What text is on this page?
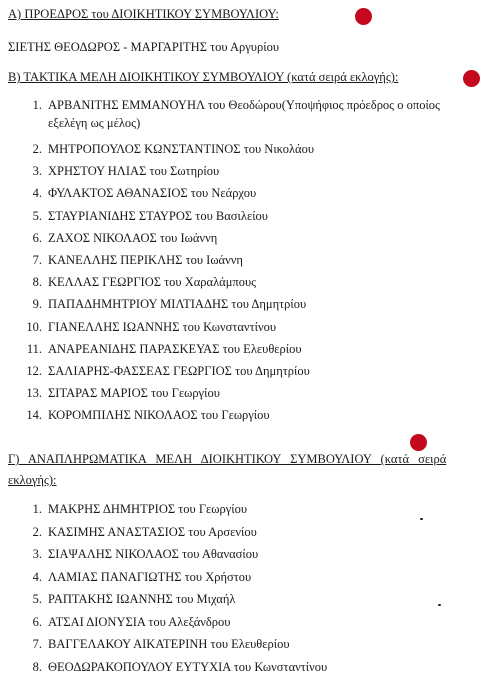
Α) ΠΡΟΕΔΡΟΣ του ΔΙΟΙΚΗΤΙΚΟΥ ΣΥΜΒΟΥΛΙΟΥ:
ΣΙΕΤΗΣ ΘΕΟΔΩΡΟΣ - ΜΑΡΓΑΡΙΤΗΣ του Αργυρίου
Β) ΤΑΚΤΙΚΑ ΜΕΛΗ ΔΙΟΙΚΗΤΙΚΟΥ ΣΥΜΒΟΥΛΙΟΥ (κατά σειρά εκλογής):
1. ΑΡΒΑΝΙΤΗΣ ΕΜΜΑΝΟΥΗΛ του Θεοδώρου(Υποψήφιος πρόεδρος ο οποίος
εξελέγη ως μέλος)
2. ΜΗΤΡΟΠΟΥΛΟΣ ΚΩΝΣΤΑΝΤΙΝΟΣ του Νικολάου
3. ΧΡΗΣΤΟΥ ΗΛΙΑΣ του Σωτηρίου
4. ΦΥΛΑΚΤΟΣ ΑΘΑΝΑΣΙΟΣ του Νεάρχου
5. ΣΤΑΥΡΙΑΝΙΔΗΣ ΣΤΑΥΡΟΣ του Βασιλείου
6. ΖΑΧΟΣ ΝΙΚΟΛΑΟΣ του Ιωάννη
7. ΚΑΝΕΛΛΗΣ ΠΕΡΙΚΛΗΣ του Ιωάννη
8. ΚΕΛΛΑΣ ΓΕΩΡΓΙΟΣ του Χαραλάμπους
9. ΠΑΠΑΔΗΜΗΤΡΙΟΥ ΜΙΛΤΙΑΔΗΣ του Δημητρίου
10. ΓΙΑΝΕΛΛΗΣ ΙΩΑΝΝΗΣ του Κωνσταντίνου
11. ΑΝΑΡΕΑΝΙΔΗΣ ΠΑΡΑΣΚΕΥΑΣ του Ελευθερίου
12. ΣΑΛΙΑΡΗΣ-ΦΑΣΣΕΑΣ ΓΕΩΡΓΙΟΣ του Δημητρίου
13. ΣΙΤΑΡΑΣ ΜΑΡΙΟΣ του Γεωργίου
14. ΚΟΡΟΜΠΙΛΗΣ ΝΙΚΟΛΑΟΣ του Γεωργίου
Γ) ΑΝΑΠΛΗΡΩΜΑΤΙΚΑ ΜΕΛΗ ΔΙΟΙΚΗΤΙΚΟΥ ΣΥΜΒΟΥΛΙΟΥ (κατά σειρά
εκλογής):
1. ΜΑΚΡΗΣ ΔΗΜΗΤΡΙΟΣ του Γεωργίου
2. ΚΑΣΙΜΗΣ ΑΝΑΣΤΑΣΙΟΣ του Αρσενίου
3. ΣΙΑΨΑΛΗΣ ΝΙΚΟΛΑΟΣ του Αθανασίου
4. ΛΑΜΙΑΣ ΠΑΝΑΓΙΩΤΗΣ του Χρήστου
5. ΡΑΠΤΑΚΗΣ ΙΩΑΝΝΗΣ του Μιχαήλ
6. ΑΤΣΑΙ ΔΙΟΝΥΣΙΑ του Αλεξάνδρου
7. ΒΑΓΓΕΛΑΚΟΥ ΑΙΚΑΤΕΡΙΝΗ του Ελευθερίου
8. ΘΕΟΔΩΡΑΚΟΠΟΥΛΟΥ ΕΥΤΥΧΙΑ του Κωνσταντίνου
